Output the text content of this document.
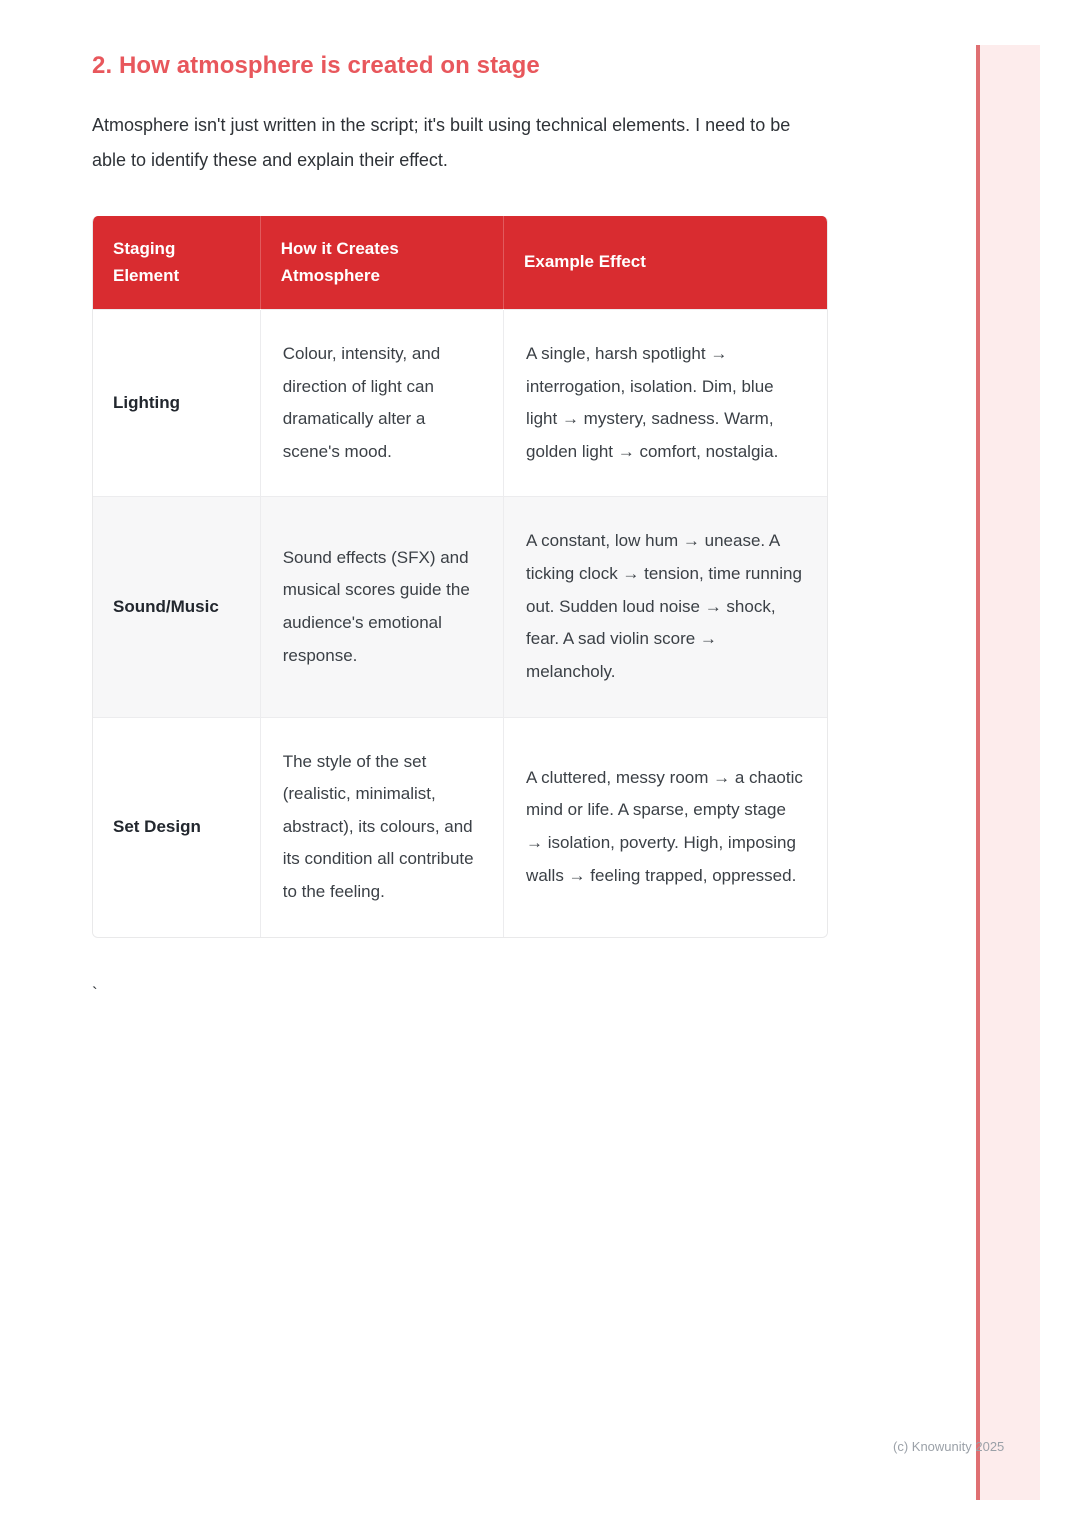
2. How atmosphere is created on stage

Atmosphere isn't just written in the script; it's built using technical elements. I need to be able to identify these and explain their effect.

Staging Element	How it Creates Atmosphere	Example Effect
Lighting	Colour, intensity, and direction of light can dramatically alter a scene's mood.	A single, harsh spotlight → interrogation, isolation. Dim, blue light → mystery, sadness. Warm, golden light → comfort, nostalgia.
Sound/Music	Sound effects (SFX) and musical scores guide the audience's emotional response.	A constant, low hum → unease. A ticking clock → tension, time running out. Sudden loud noise → shock, fear. A sad violin score → melancholy.
Set Design	The style of the set (realistic, minimalist, abstract), its colours, and its condition all contribute to the feeling.	A cluttered, messy room → a chaotic mind or life. A sparse, empty stage → isolation, poverty. High, imposing walls → feeling trapped, oppressed.
`
(c) Knowunity 2025
